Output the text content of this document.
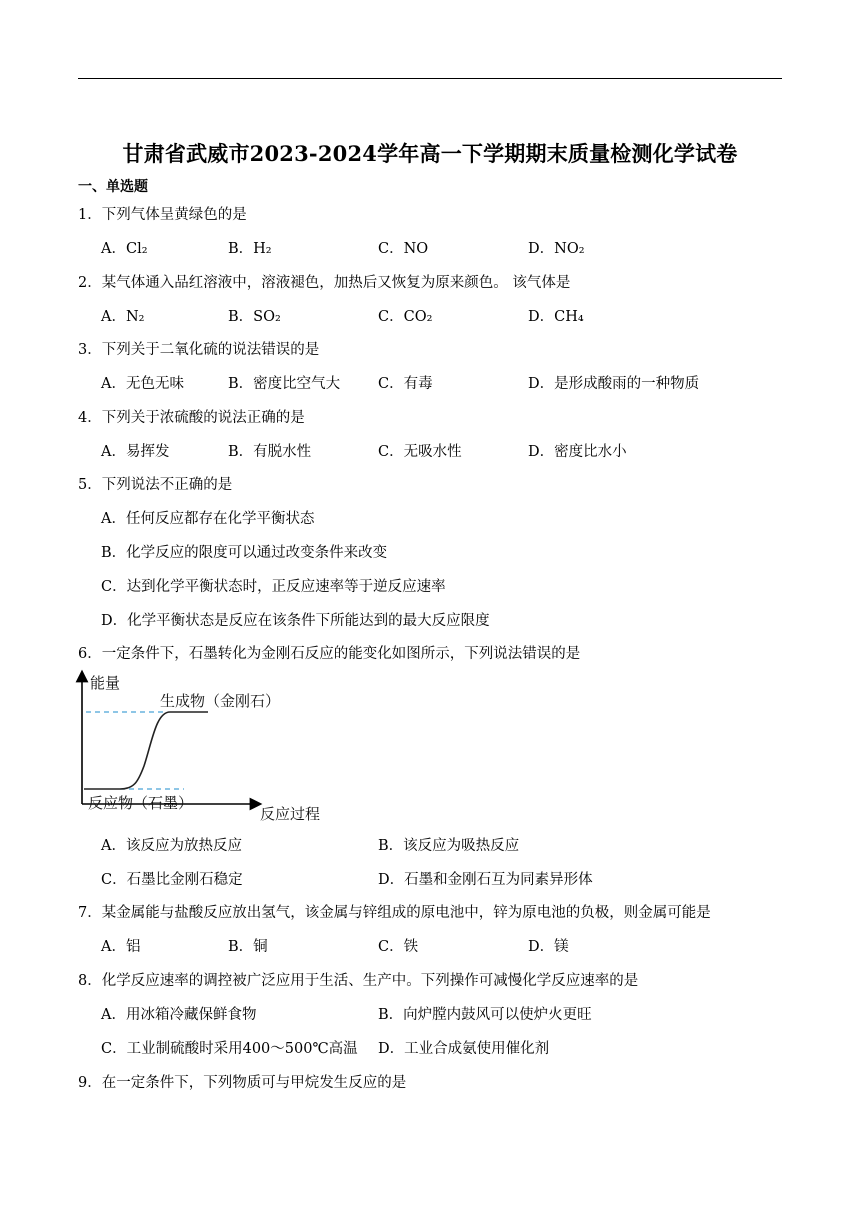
甘肃省武威市2023-2024学年高一下学期期末质量检测化学试卷
一、单选题
1．下列气体呈黄绿色的是
A．Cl₂	B．H₂	C．NO	D．NO₂
2．某气体通入品红溶液中，溶液褪色，加热后又恢复为原来颜色。 该气体是
A．N₂	B．SO₂	C．CO₂	D．CH₄
3．下列关于二氧化硫的说法错误的是
A．无色无味	B．密度比空气大	C．有毒	D．是形成酸雨的一种物质
4．下列关于浓硫酸的说法正确的是
A．易挥发	B．有脱水性	C．无吸水性	D．密度比水小
5．下列说法不正确的是
A．任何反应都存在化学平衡状态
B．化学反应的限度可以通过改变条件来改变
C．达到化学平衡状态时，正反应速率等于逆反应速率
D．化学平衡状态是反应在该条件下所能达到的最大反应限度
6．一定条件下，石墨转化为金刚石反应的能变化如图所示，下列说法错误的是
能量
生成物（金刚石）
反应物（石墨）
反应过程
A．该反应为放热反应	B．该反应为吸热反应
C．石墨比金刚石稳定	D．石墨和金刚石互为同素异形体
7．某金属能与盐酸反应放出氢气，该金属与锌组成的原电池中，锌为原电池的负极，则金属可能是
A．铝	B．铜	C．铁	D．镁
8．化学反应速率的调控被广泛应用于生活、生产中。下列操作可减慢化学反应速率的是
A．用冰箱冷藏保鲜食物	B．向炉膛内鼓风可以使炉火更旺
C．工业制硫酸时采用400～500℃高温 D．工业合成氨使用催化剂
9．在一定条件下，下列物质可与甲烷发生反应的是
